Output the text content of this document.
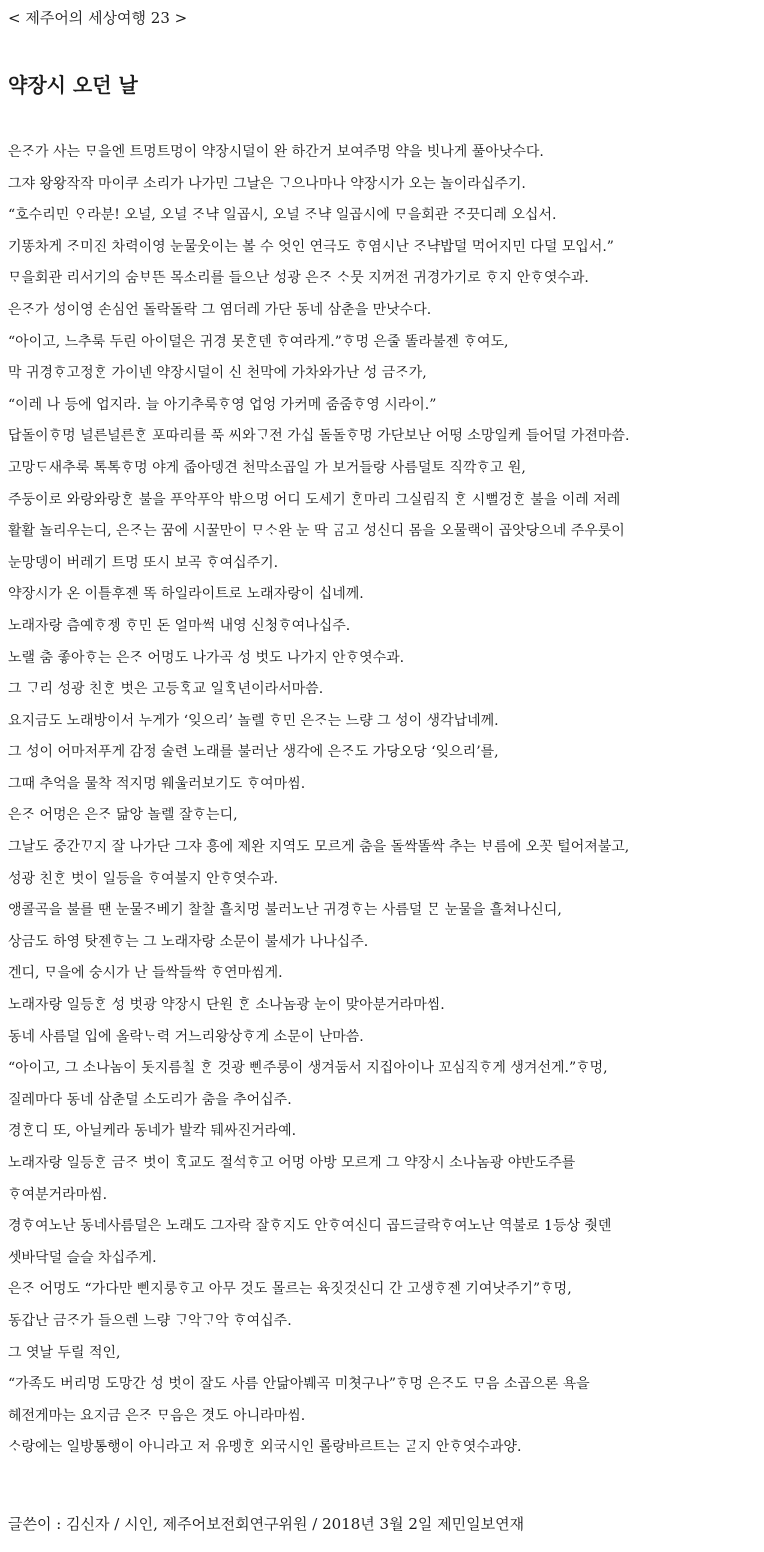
< 제주어의 세상여행 23 >
약장시 오던 날
은ᄌᆞ가 사는 ᄆᆞ을엔 트멍트멍이 약장시덜이 완 하간거 보여주멍 약을 빗나게 풀아낫수다.
그쟈 왕왕작작 마이쿠 소리가 나가민 그날은 ᄀᆞ으나마나 약장시가 오는 놀이라십주기.
“호수리민 ᄋᆞ라분! 오널, 오널 ᄌᆞ냑 일곱시, 오널 ᄌᆞ냑 일곱시에 ᄆᆞ을회관 ᄌᆞ끗디레 오십서.
기똥차게 ᄌᆞ미진 차력이영 눈물웃이는 볼 수 엇인 연극도 ᄒᆞ염시난 ᄌᆞ냑밥덜 먹어지민 다덜 모입서.”
ᄆᆞ을회관 리서기의 숨ᄇᆞ뜬 목소리를 들으난 성광 은ᄌᆞ ᄉᆞ뭇 지꺼전 귀경가기로 ᄒᆞ지 안ᄒᆞ엿수과.
은ᄌᆞ가 성이영 손심언 돌락돌락 그 염더레 가단 동네 삼춘을 만낫수다.
“아이고, 느추룩 두린 아이덜은 귀경 못ᄒᆞᆫ덴 ᄒᆞ여라게.”ᄒᆞ멍 은줄 똘라불젠 ᄒᆞ여도,
막 귀경ᄒᆞ고정ᄒᆞᆫ 가이넨 약장시덜이 신 천막에 가차와가난 성 금ᄌᆞ가,
“이레 나 등에 업지라. 늘 아기추룩ᄒᆞ영 업엉 가커메 줌줌ᄒᆞ영 시라이.”
답돌이ᄒᆞ멍 널른널른ᄒᆞᆫ 포따리를 푹 씨와ᄀᆞ전 가십 돌돌ᄒᆞ멍 가단보난 어떵 소망일케 들어덜 가젼마씀.
고망ᄃᆞ새추룩 톡톡ᄒᆞ멍 야게 줍아뎅견 천막소곱일 가 보거들랑 사름덜토 직깍ᄒᆞ고 원,
주둥이로 와랑와랑ᄒᆞᆫ 불을 푸악푸악 밖으멍 어디 도세기 ᄒᆞᆫ마리 그실림직 ᄒᆞᆫ 시뻘겅ᄒᆞᆫ 불을 이레 저레
활활 놀리우는디, 은ᄌᆞ는 꿈에 시꿀만이 ᄆᆞᄉᆞ완 눈 딱 ᄀᆞᆷ고 성신디 몸을 오물랙이 곱앗당으네 주우룻이
눈망뎅이 버레기 트멍 또시 보곡 ᄒᆞ여십주기.
약장시가 온 이틀후젠 똑 하일라이트로 노래자랑이 십네께.
노래자랑 츰예ᄒᆞ젱 ᄒᆞ민 돈 얼마썩 내영 신청ᄒᆞ여나십주.
노랠 춤 좋아ᄒᆞ는 은ᄌᆞ 어멍도 나가곡 성 벗도 나가지 안ᄒᆞ엿수과.
그 ᄀᆞ리 성광 친ᄒᆞᆫ 벗은 고등ᄒᆞᆨ교 일ᄒᆞᆨ년이라서마씀.
요지금도 노래방이서 누게가 ‘잊으리’ 놀렐 ᄒᆞ민 은ᄌᆞ는 느량 그 성이 생각납네께.
그 성이 어마저푸게 감정 술련 노래를 불러난 생각에 은ᄌᆞ도 가당오당 ‘잊으리’를,
그때 추억을 물착 적지멍 웨울러보기도 ᄒᆞ여마씸.
은ᄌᆞ 어멍은 은ᄌᆞ 닮앙 놀렐 잘ᄒᆞ는디,
그날도 중간ᄁᆞ지 잘 나가단 그쟈 흥에 제완 지역도 모르게 춤을 돌싹똘싹 추는 ᄇᆞ름에 오꼿 털어져불고,
성광 친ᄒᆞᆫ 벗이 일등을 ᄒᆞ여불지 안ᄒᆞ엿수과.
앵콜곡을 불를 땐 눈물ᄌᆞ베기 찰찰 흘치멍 불러노난 귀경ᄒᆞ는 사름덜 ᄆᆞᆫ 눈물을 흘쳐나신디,
상금도 하영 탓젠ᄒᆞ는 그 노래자랑 소문이 불세가 나나십주.
겐디, ᄆᆞ을에 숭시가 난 들싹들싹 ᄒᆞ연마씸게.
노래자랑 일등ᄒᆞᆫ 성 벗광 약장시 단원 ᄒᆞᆫ 소나놈광 눈이 맞아분거라마씸.
동네 사름덜 입에 올락ᄂᆞ력 거느리왕상ᄒᆞ게 소문이 난마씀.
“아이고, 그 소나놈이 돗지름칠 ᄒᆞᆫ 것광 삔주룽이 생겨둠서 지집아이나 꼬심직ᄒᆞ게 생겨선게.”ᄒᆞ멍,
질레마다 동네 삼춘덜 소도리가 춤을 추어십주.
경ᄒᆞᆫ디 또, 아닐케라 동네가 발칵 뒈싸진거라예.
노래자랑 일등ᄒᆞᆫ 금ᄌᆞ 벗이 ᄒᆞᆨ교도 절석ᄒᆞ고 어멍 아방 모르게 그 약장시 소나놈광 야반도주를
ᄒᆞ여분거라마씸.
경ᄒᆞ여노난 동네사름덜은 노래도 그자락 잘ᄒᆞ지도 안ᄒᆞ여신디 곱드글락ᄒᆞ여노난 역불로 1등상 줫덴
셋바닥덜 슬슬 차십주게.
은ᄌᆞ 어멍도 “가다만 삔지룽ᄒᆞ고 아무 것도 몰르는 육짓것신디 간 고생ᄒᆞ젠 기여낫주기”ᄒᆞ멍,
동갑난 금ᄌᆞ가 들으렌 느량 ᄀᆞ악ᄀᆞ악 ᄒᆞ여십주.
그 엿날 두릴 적인,
“가족도 버리멍 도망간 성 벗이 잘도 사름 안닮아붸곡 미쳣구나”ᄒᆞ멍 은ᄌᆞ도 ᄆᆞ음 소곱으론 욕을
헤전게마는 요지금 은ᄌᆞ ᄆᆞ음은 겻도 아니라마씸.
ᄉᆞ랑에는 일방통행이 아니라고 저 유멩ᄒᆞᆫ 외국시인 롤랑바르트는 ᄀᆞᆮ지 안ᄒᆞ엿수과양.
글쓴이 : 김신자 / 시인, 제주어보전회연구위원 / 2018년 3월 2일 제민일보연재
